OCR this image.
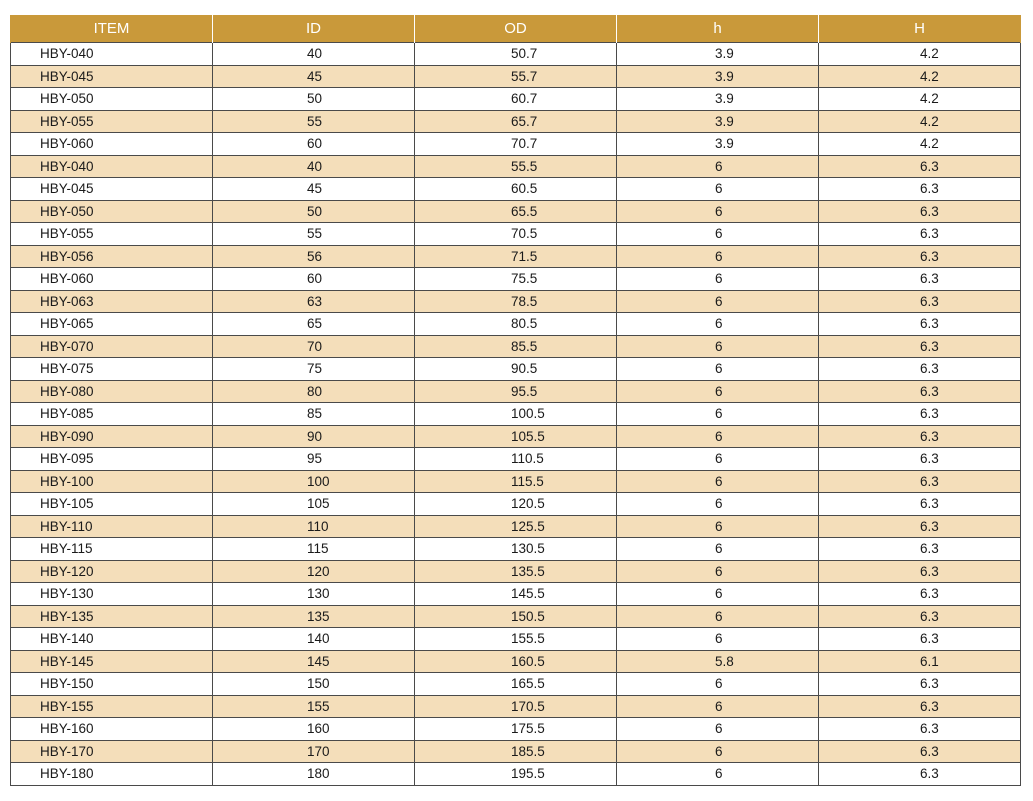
ITEM	ID	OD	h	H
HBY-040	40	50.7	3.9	4.2
HBY-045	45	55.7	3.9	4.2
HBY-050	50	60.7	3.9	4.2
HBY-055	55	65.7	3.9	4.2
HBY-060	60	70.7	3.9	4.2
HBY-040	40	55.5	6	6.3
HBY-045	45	60.5	6	6.3
HBY-050	50	65.5	6	6.3
HBY-055	55	70.5	6	6.3
HBY-056	56	71.5	6	6.3
HBY-060	60	75.5	6	6.3
HBY-063	63	78.5	6	6.3
HBY-065	65	80.5	6	6.3
HBY-070	70	85.5	6	6.3
HBY-075	75	90.5	6	6.3
HBY-080	80	95.5	6	6.3
HBY-085	85	100.5	6	6.3
HBY-090	90	105.5	6	6.3
HBY-095	95	110.5	6	6.3
HBY-100	100	115.5	6	6.3
HBY-105	105	120.5	6	6.3
HBY-110	110	125.5	6	6.3
HBY-115	115	130.5	6	6.3
HBY-120	120	135.5	6	6.3
HBY-130	130	145.5	6	6.3
HBY-135	135	150.5	6	6.3
HBY-140	140	155.5	6	6.3
HBY-145	145	160.5	5.8	6.1
HBY-150	150	165.5	6	6.3
HBY-155	155	170.5	6	6.3
HBY-160	160	175.5	6	6.3
HBY-170	170	185.5	6	6.3
HBY-180	180	195.5	6	6.3
